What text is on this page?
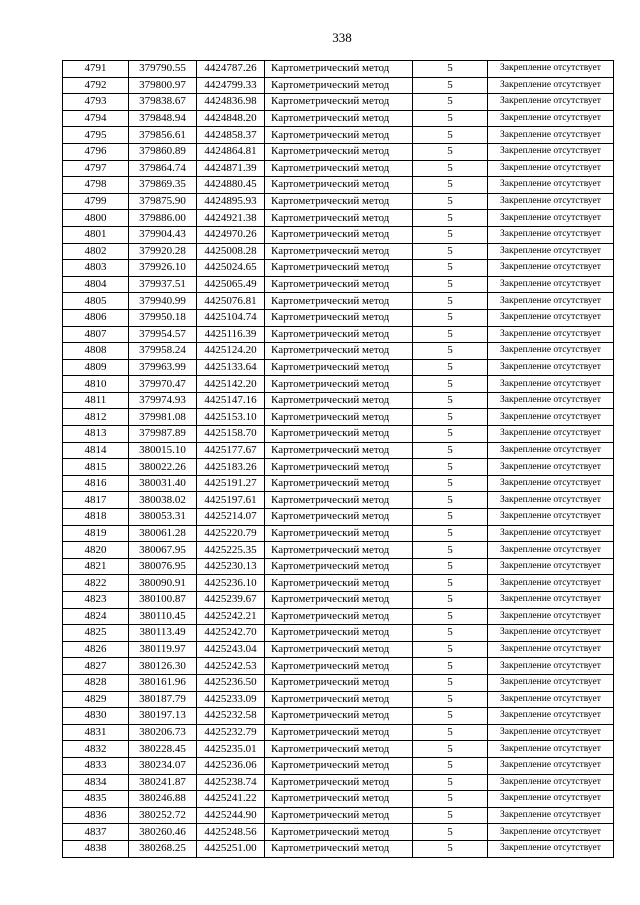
338
4791	379790.55	4424787.26	Картометрический метод	5	Закрепление отсутствует
4792	379800.97	4424799.33	Картометрический метод	5	Закрепление отсутствует
4793	379838.67	4424836.98	Картометрический метод	5	Закрепление отсутствует
4794	379848.94	4424848.20	Картометрический метод	5	Закрепление отсутствует
4795	379856.61	4424858.37	Картометрический метод	5	Закрепление отсутствует
4796	379860.89	4424864.81	Картометрический метод	5	Закрепление отсутствует
4797	379864.74	4424871.39	Картометрический метод	5	Закрепление отсутствует
4798	379869.35	4424880.45	Картометрический метод	5	Закрепление отсутствует
4799	379875.90	4424895.93	Картометрический метод	5	Закрепление отсутствует
4800	379886.00	4424921.38	Картометрический метод	5	Закрепление отсутствует
4801	379904.43	4424970.26	Картометрический метод	5	Закрепление отсутствует
4802	379920.28	4425008.28	Картометрический метод	5	Закрепление отсутствует
4803	379926.10	4425024.65	Картометрический метод	5	Закрепление отсутствует
4804	379937.51	4425065.49	Картометрический метод	5	Закрепление отсутствует
4805	379940.99	4425076.81	Картометрический метод	5	Закрепление отсутствует
4806	379950.18	4425104.74	Картометрический метод	5	Закрепление отсутствует
4807	379954.57	4425116.39	Картометрический метод	5	Закрепление отсутствует
4808	379958.24	4425124.20	Картометрический метод	5	Закрепление отсутствует
4809	379963.99	4425133.64	Картометрический метод	5	Закрепление отсутствует
4810	379970.47	4425142.20	Картометрический метод	5	Закрепление отсутствует
4811	379974.93	4425147.16	Картометрический метод	5	Закрепление отсутствует
4812	379981.08	4425153.10	Картометрический метод	5	Закрепление отсутствует
4813	379987.89	4425158.70	Картометрический метод	5	Закрепление отсутствует
4814	380015.10	4425177.67	Картометрический метод	5	Закрепление отсутствует
4815	380022.26	4425183.26	Картометрический метод	5	Закрепление отсутствует
4816	380031.40	4425191.27	Картометрический метод	5	Закрепление отсутствует
4817	380038.02	4425197.61	Картометрический метод	5	Закрепление отсутствует
4818	380053.31	4425214.07	Картометрический метод	5	Закрепление отсутствует
4819	380061.28	4425220.79	Картометрический метод	5	Закрепление отсутствует
4820	380067.95	4425225.35	Картометрический метод	5	Закрепление отсутствует
4821	380076.95	4425230.13	Картометрический метод	5	Закрепление отсутствует
4822	380090.91	4425236.10	Картометрический метод	5	Закрепление отсутствует
4823	380100.87	4425239.67	Картометрический метод	5	Закрепление отсутствует
4824	380110.45	4425242.21	Картометрический метод	5	Закрепление отсутствует
4825	380113.49	4425242.70	Картометрический метод	5	Закрепление отсутствует
4826	380119.97	4425243.04	Картометрический метод	5	Закрепление отсутствует
4827	380126.30	4425242.53	Картометрический метод	5	Закрепление отсутствует
4828	380161.96	4425236.50	Картометрический метод	5	Закрепление отсутствует
4829	380187.79	4425233.09	Картометрический метод	5	Закрепление отсутствует
4830	380197.13	4425232.58	Картометрический метод	5	Закрепление отсутствует
4831	380206.73	4425232.79	Картометрический метод	5	Закрепление отсутствует
4832	380228.45	4425235.01	Картометрический метод	5	Закрепление отсутствует
4833	380234.07	4425236.06	Картометрический метод	5	Закрепление отсутствует
4834	380241.87	4425238.74	Картометрический метод	5	Закрепление отсутствует
4835	380246.88	4425241.22	Картометрический метод	5	Закрепление отсутствует
4836	380252.72	4425244.90	Картометрический метод	5	Закрепление отсутствует
4837	380260.46	4425248.56	Картометрический метод	5	Закрепление отсутствует
4838	380268.25	4425251.00	Картометрический метод	5	Закрепление отсутствует
